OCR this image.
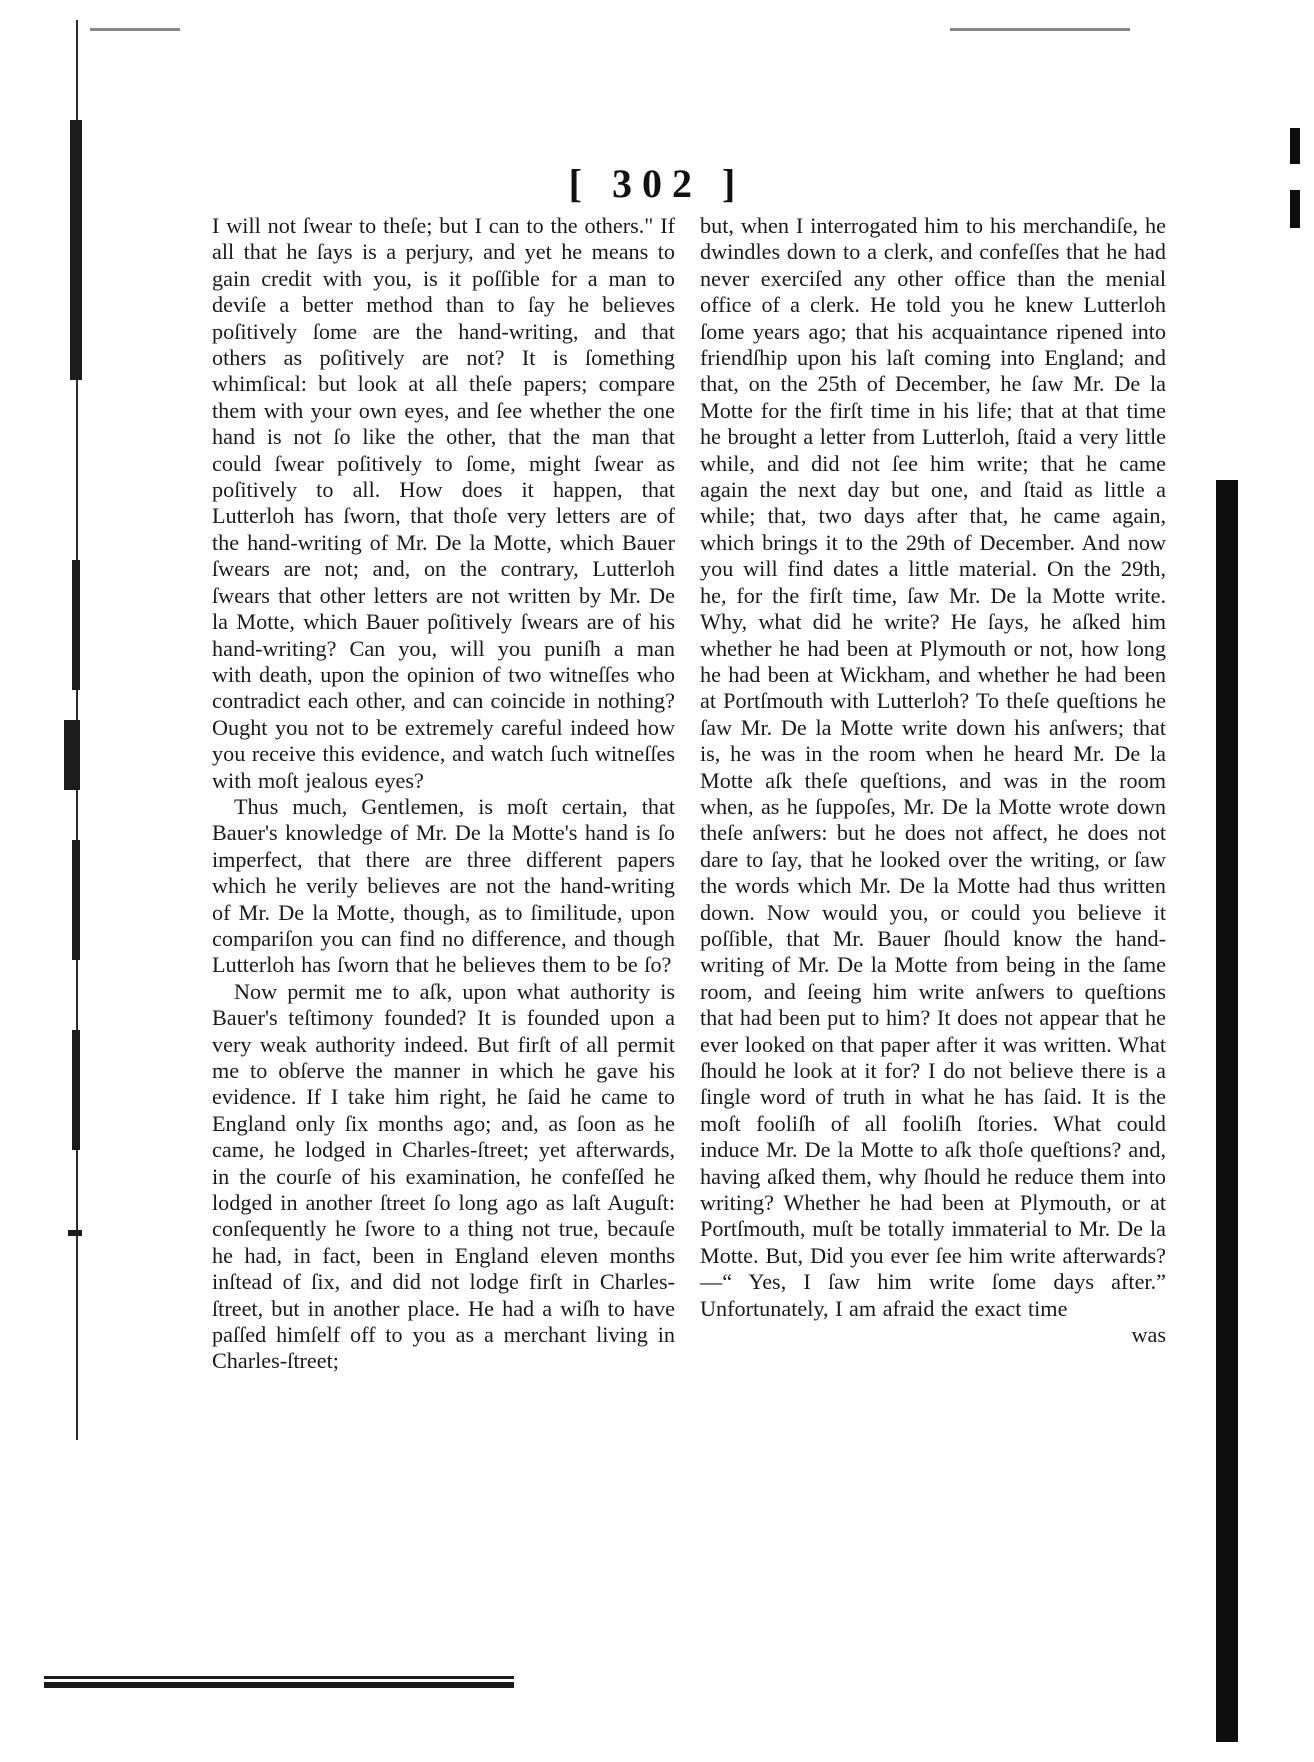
[ 302 ]

I will not ſwear to theſe; but I can to the others." If all that he ſays is a perjury, and yet he means to gain credit with you, is it poſſible for a man to deviſe a better method than to ſay he believes poſitively ſome are the hand-writing, and that others as poſitively are not? It is ſomething whimſical: but look at all theſe papers; compare them with your own eyes, and ſee whether the one hand is not ſo like the other, that the man that could ſwear poſitively to ſome, might ſwear as poſitively to all. How does it happen, that Lutterloh has ſworn, that thoſe very letters are of the hand-writing of Mr. De la Motte, which Bauer ſwears are not; and, on the contrary, Lutterloh ſwears that other letters are not written by Mr. De la Motte, which Bauer poſitively ſwears are of his hand-writing? Can you, will you puniſh a man with death, upon the opinion of two witneſſes who contradict each other, and can coincide in nothing? Ought you not to be extremely careful indeed how you receive this evidence, and watch ſuch witneſſes with moſt jealous eyes?

Thus much, Gentlemen, is moſt certain, that Bauer's knowledge of Mr. De la Motte's hand is ſo imperfect, that there are three different papers which he verily believes are not the hand-writing of Mr. De la Motte, though, as to ſimilitude, upon compariſon you can find no difference, and though Lutterloh has ſworn that he believes them to be ſo?

Now permit me to aſk, upon what authority is Bauer's teſtimony founded? It is founded upon a very weak authority indeed. But firſt of all permit me to obſerve the manner in which he gave his evidence. If I take him right, he ſaid he came to England only ſix months ago; and, as ſoon as he came, he lodged in Charles-ſtreet; yet afterwards, in the courſe of his examination, he confeſſed he lodged in another ſtreet ſo long ago as laſt Auguſt: conſequently he ſwore to a thing not true, becauſe he had, in fact, been in England eleven months inſtead of ſix, and did not lodge firſt in Charles-ſtreet, but in another place. He had a wiſh to have paſſed himſelf off to you as a merchant living in Charles-ſtreet;

but, when I interrogated him to his merchandiſe, he dwindles down to a clerk, and confeſſes that he had never exerciſed any other office than the menial office of a clerk. He told you he knew Lutterloh ſome years ago; that his acquaintance ripened into friendſhip upon his laſt coming into England; and that, on the 25th of December, he ſaw Mr. De la Motte for the firſt time in his life; that at that time he brought a letter from Lutterloh, ſtaid a very little while, and did not ſee him write; that he came again the next day but one, and ſtaid as little a while; that, two days after that, he came again, which brings it to the 29th of December. And now you will find dates a little material. On the 29th, he, for the firſt time, ſaw Mr. De la Motte write. Why, what did he write? He ſays, he aſked him whether he had been at Plymouth or not, how long he had been at Wickham, and whether he had been at Portſmouth with Lutterloh? To theſe queſtions he ſaw Mr. De la Motte write down his anſwers; that is, he was in the room when he heard Mr. De la Motte aſk theſe queſtions, and was in the room when, as he ſuppoſes, Mr. De la Motte wrote down theſe anſwers: but he does not affect, he does not dare to ſay, that he looked over the writing, or ſaw the words which Mr. De la Motte had thus written down. Now would you, or could you believe it poſſible, that Mr. Bauer ſhould know the hand-writing of Mr. De la Motte from being in the ſame room, and ſeeing him write anſwers to queſtions that had been put to him? It does not appear that he ever looked on that paper after it was written. What ſhould he look at it for? I do not believe there is a ſingle word of truth in what he has ſaid. It is the moſt fooliſh of all fooliſh ſtories. What could induce Mr. De la Motte to aſk thoſe queſtions? and, having aſked them, why ſhould he reduce them into writing? Whether he had been at Plymouth, or at Portſmouth, muſt be totally immaterial to Mr. De la Motte. But, Did you ever ſee him write afterwards?—“ Yes, I ſaw him write ſome days after.” Unfortunately, I am afraid the exact time

was
